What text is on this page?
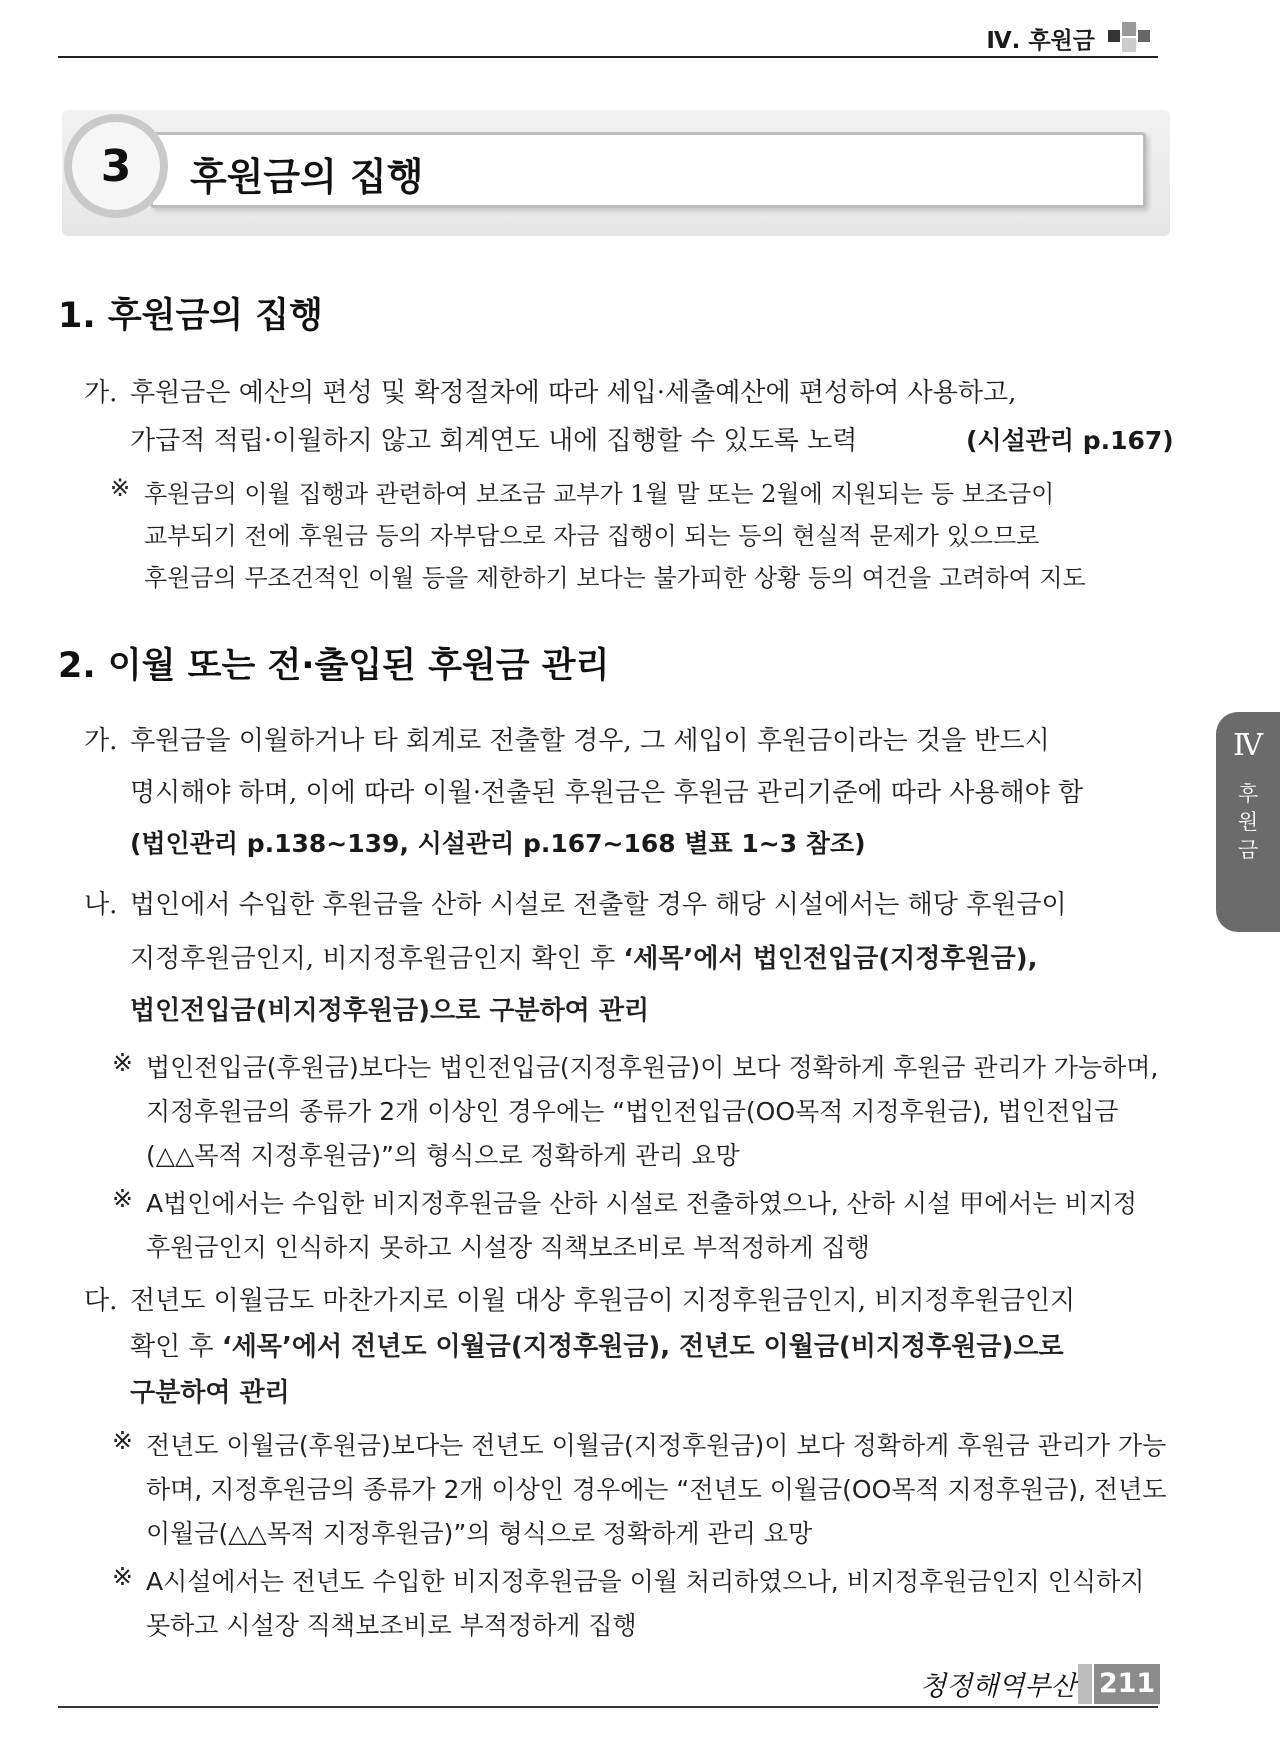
Ⅳ. 후원금
3	후원금의 집행
Ⅳ
후
원
금
1. 후원금의 집행
가. 후원금은 예산의 편성 및 확정절차에 따라 세입·세출예산에 편성하여 사용하고,
가급적 적립·이월하지 않고 회계연도 내에 집행할 수 있도록 노력	(시설관리 p.167)
※ 후원금의 이월 집행과 관련하여 보조금 교부가 1월 말 또는 2월에 지원되는 등 보조금이
교부되기 전에 후원금 등의 자부담으로 자금 집행이 되는 등의 현실적 문제가 있으므로
후원금의 무조건적인 이월 등을 제한하기 보다는 불가피한 상황 등의 여건을 고려하여 지도
2. 이월 또는 전·출입된 후원금 관리
가. 후원금을 이월하거나 타 회계로 전출할 경우, 그 세입이 후원금이라는 것을 반드시
명시해야 하며, 이에 따라 이월·전출된 후원금은 후원금 관리기준에 따라 사용해야 함
(법인관리 p.138~139, 시설관리 p.167~168 별표 1~3 참조)
나. 법인에서 수입한 후원금을 산하 시설로 전출할 경우 해당 시설에서는 해당 후원금이
지정후원금인지, 비지정후원금인지 확인 후 ‘세목’에서 법인전입금(지정후원금),
법인전입금(비지정후원금)으로 구분하여 관리
※ 법인전입금(후원금)보다는 법인전입금(지정후원금)이 보다 정확하게 후원금 관리가 가능하며,
지정후원금의 종류가 2개 이상인 경우에는 “법인전입금(OO목적 지정후원금), 법인전입금
(△△목적 지정후원금)”의 형식으로 정확하게 관리 요망
※ A법인에서는 수입한 비지정후원금을 산하 시설로 전출하였으나, 산하 시설 甲에서는 비지정
후원금인지 인식하지 못하고 시설장 직책보조비로 부적정하게 집행
다. 전년도 이월금도 마찬가지로 이월 대상 후원금이 지정후원금인지, 비지정후원금인지
확인 후 ‘세목’에서 전년도 이월금(지정후원금), 전년도 이월금(비지정후원금)으로
구분하여 관리
※ 전년도 이월금(후원금)보다는 전년도 이월금(지정후원금)이 보다 정확하게 후원금 관리가 가능
하며, 지정후원금의 종류가 2개 이상인 경우에는 “전년도 이월금(OO목적 지정후원금), 전년도
이월금(△△목적 지정후원금)”의 형식으로 정확하게 관리 요망
※ A시설에서는 전년도 수입한 비지정후원금을 이월 처리하였으나, 비지정후원금인지 인식하지
못하고 시설장 직책보조비로 부적정하게 집행
청정해역부산 211
